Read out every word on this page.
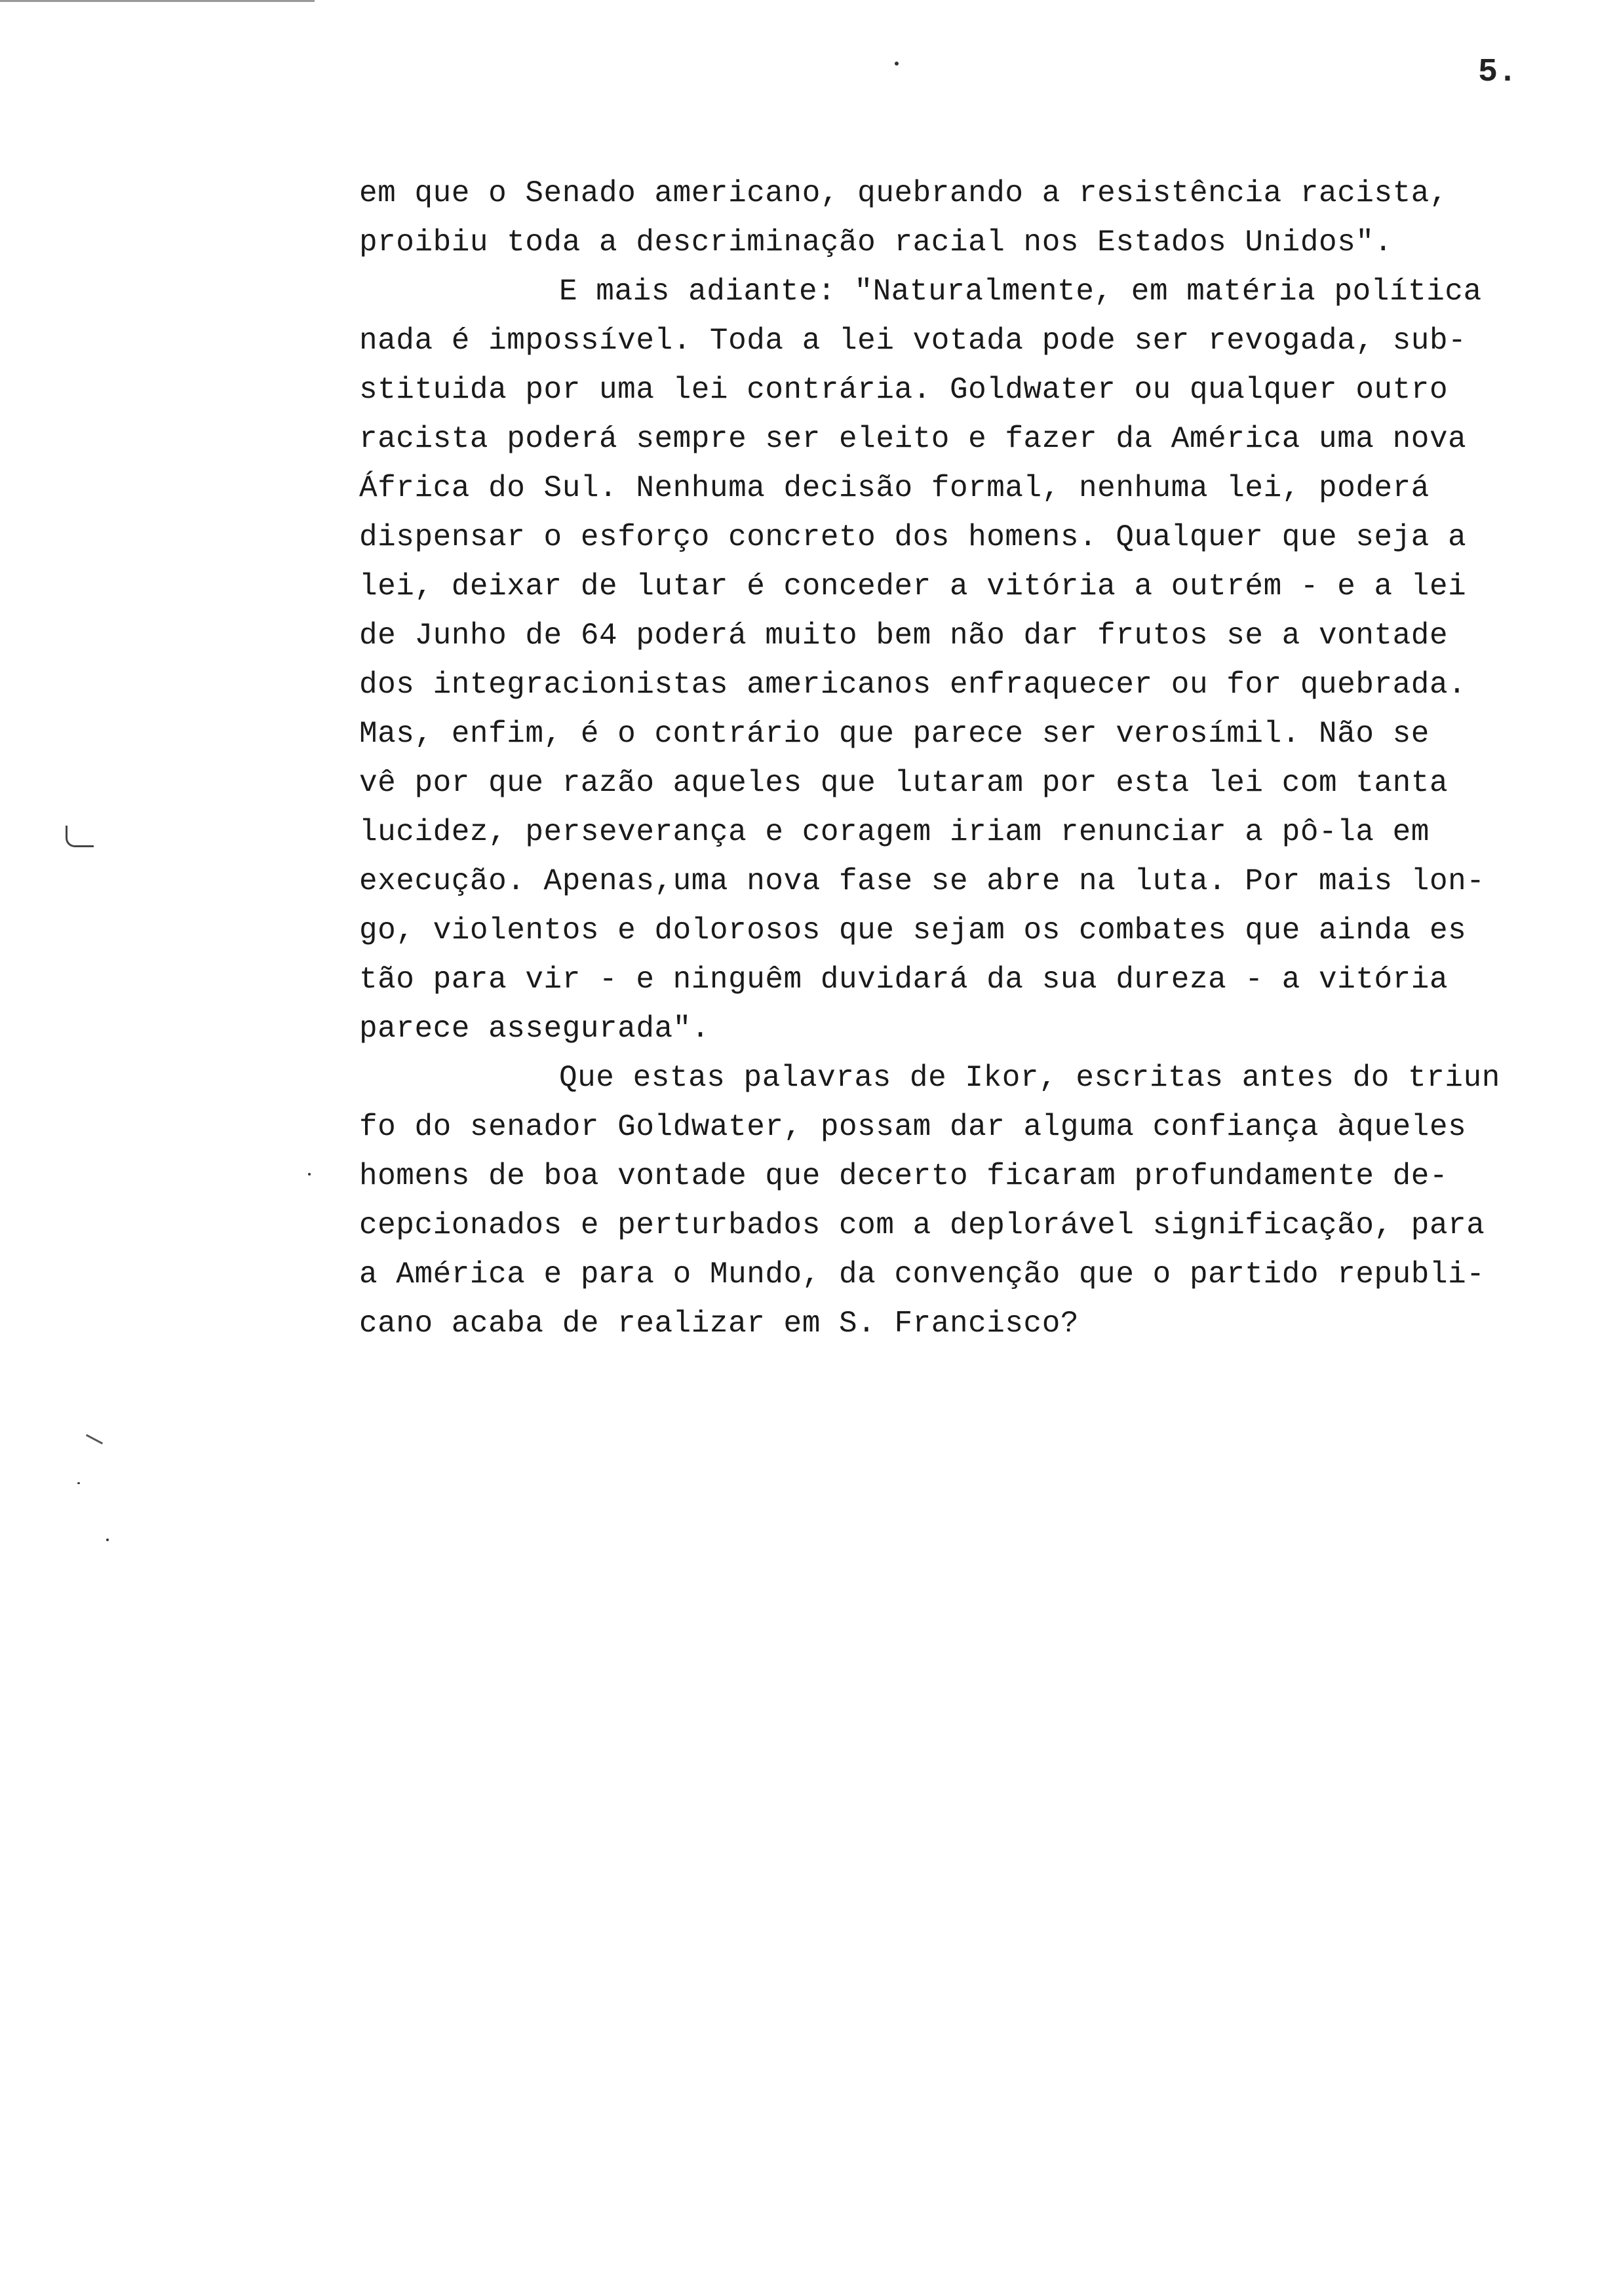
5.
em que o Senado americano, quebrando a resistência racista,
proibiu toda a descriminação racial nos Estados Unidos".
E mais adiante: "Naturalmente, em matéria política
nada é impossível. Toda a lei votada pode ser revogada, sub-
stituida por uma lei contrária. Goldwater ou qualquer outro
racista poderá sempre ser eleito e fazer da América uma nova
África do Sul. Nenhuma decisão formal, nenhuma lei, poderá
dispensar o esforço concreto dos homens. Qualquer que seja a
lei, deixar de lutar é conceder a vitória a outrém - e a lei
de Junho de 64 poderá muito bem não dar frutos se a vontade
dos integracionistas americanos enfraquecer ou for quebrada.
Mas, enfim, é o contrário que parece ser verosímil. Não se
vê por que razão aqueles que lutaram por esta lei com tanta
lucidez, perseverança e coragem iriam renunciar a pô-la em
execução. Apenas,uma nova fase se abre na luta. Por mais lon-
go, violentos e dolorosos que sejam os combates que ainda es
tão para vir - e ninguêm duvidará da sua dureza - a vitória
parece assegurada".
Que estas palavras de Ikor, escritas antes do triun
fo do senador Goldwater, possam dar alguma confiança àqueles
homens de boa vontade que decerto ficaram profundamente de-
cepcionados e perturbados com a deplorável significação, para
a América e para o Mundo, da convenção que o partido republi-
cano acaba de realizar em S. Francisco?
